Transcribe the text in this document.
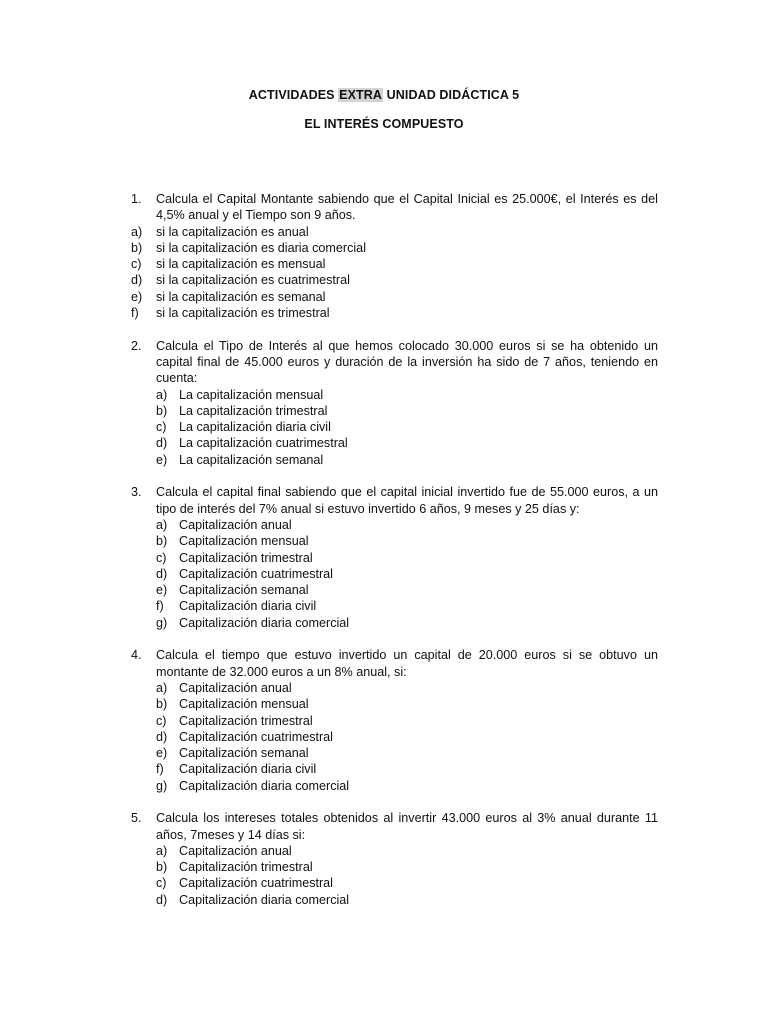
ACTIVIDADES EXTRA UNIDAD DIDÁCTICA 5
EL INTERÉS COMPUESTO
1.	Calcula el Capital Montante sabiendo que el Capital Inicial es 25.000€, el Interés es del 4,5% anual y el Tiempo son 9 años.
a)	si la capitalización es anual
b)	si la capitalización es diaria comercial
c)	si la capitalización es mensual
d)	si la capitalización es cuatrimestral
e)	si la capitalización es semanal
f)	si la capitalización es trimestral
2.	Calcula el Tipo de Interés al que hemos colocado 30.000 euros si se ha obtenido un capital final de 45.000 euros y duración de la inversión ha sido de 7 años, teniendo en cuenta:
a) La capitalización mensual
b) La capitalización trimestral
c) La capitalización diaria civil
d) La capitalización cuatrimestral
e) La capitalización semanal
3.	Calcula el capital final sabiendo que el capital inicial invertido fue de 55.000 euros, a un tipo de interés del 7% anual si estuvo invertido 6 años, 9 meses y 25 días y:
a) Capitalización anual
b) Capitalización mensual
c) Capitalización trimestral
d) Capitalización cuatrimestral
e) Capitalización semanal
f)	Capitalización diaria civil
g) Capitalización diaria comercial
4.	Calcula el tiempo que estuvo invertido un capital de 20.000 euros si se obtuvo un montante de 32.000 euros a un 8% anual, si:
a) Capitalización anual
b) Capitalización mensual
c) Capitalización trimestral
d) Capitalización cuatrimestral
e) Capitalización semanal
f)	Capitalización diaria civil
g) Capitalización diaria comercial
5.	Calcula los intereses totales obtenidos al invertir 43.000 euros al 3% anual durante 11 años, 7meses y 14 días si:
a) Capitalización anual
b) Capitalización trimestral
c) Capitalización cuatrimestral
d) Capitalización diaria comercial
